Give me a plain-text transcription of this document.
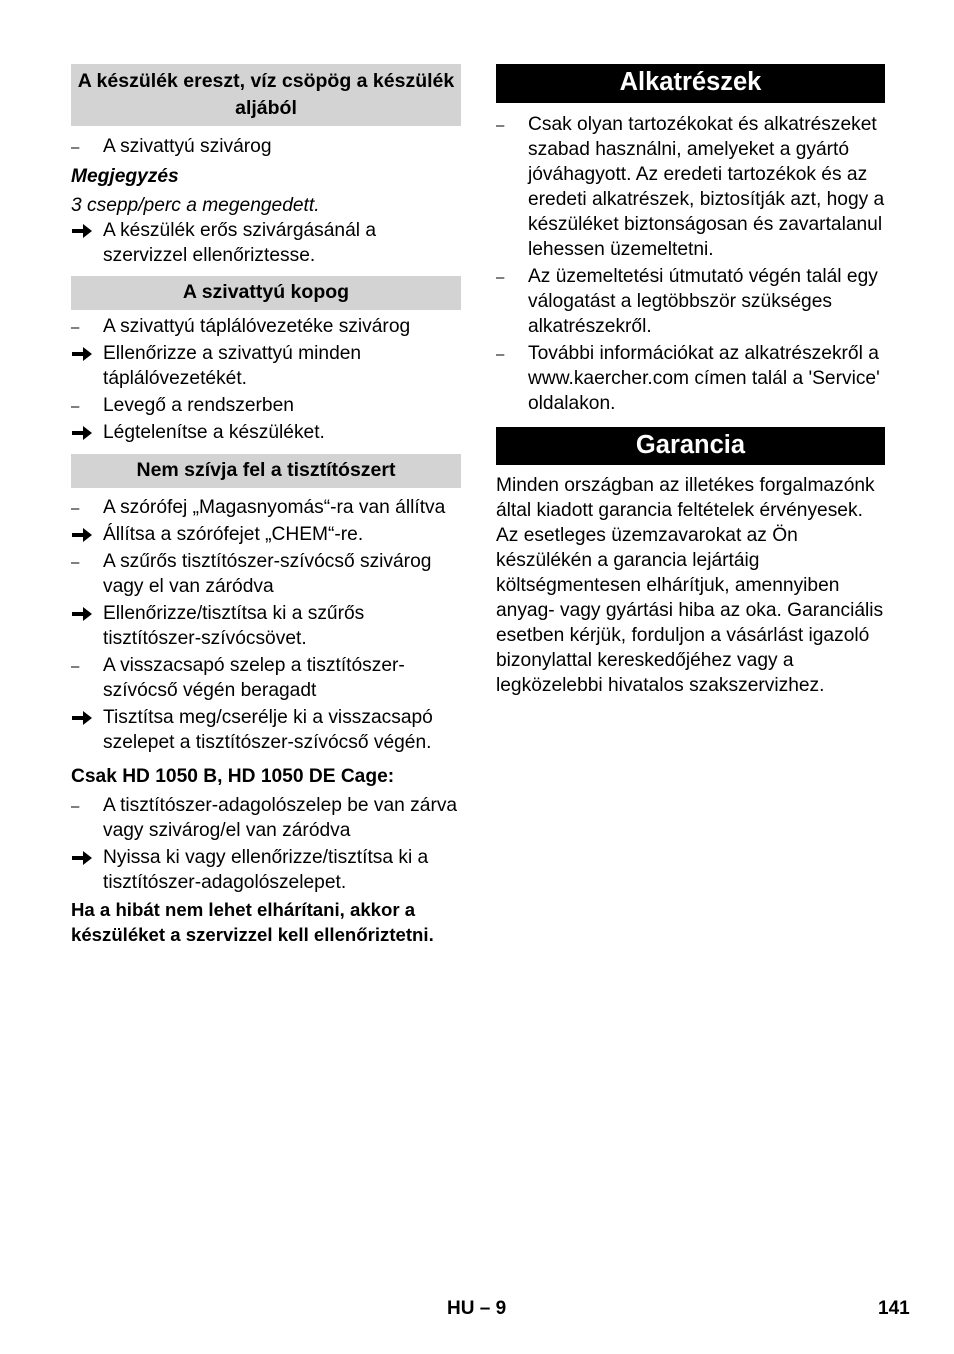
A készülék ereszt, víz csöpög a készülék aljából
–	A szivattyú szivárog
Megjegyzés
3 csepp/perc a megengedett.
A készülék erős szivárgásánál a szervizzel ellenőriztesse.
A szivattyú kopog
–	A szivattyú táplálóvezetéke szivárog
Ellenőrizze a szivattyú minden táplálóvezetékét.
–	Levegő a rendszerben
Légtelenítse a készüléket.
Nem szívja fel a tisztítószert
–	A szórófej „Magasnyomás“-ra van állítva
Állítsa a szórófejet „CHEM“-re.
–	A szűrős tisztítószer-szívócső szivárog vagy el van záródva
Ellenőrizze/tisztítsa ki a szűrős tisztítószer-szívócsövet.
–	A visszacsapó szelep a tisztítószer-szívócső végén beragadt
Tisztítsa meg/cserélje ki a visszacsapó szelepet a tisztítószer-szívócső végén.
Csak HD 1050 B, HD 1050 DE Cage:
–	A tisztítószer-adagolószelep be van zárva vagy szivárog/el van záródva
Nyissa ki vagy ellenőrizze/tisztítsa ki a tisztítószer-adagolószelepet.
Ha a hibát nem lehet elhárítani, akkor a készüléket a szervizzel kell ellenőriztetni.
Alkatrészek
–	Csak olyan tartozékokat és alkatrészeket szabad használni, amelyeket a gyártó jóváhagyott. Az eredeti tartozékok és az eredeti alkatrészek, biztosítják azt, hogy a készüléket biztonságosan és zavartalanul lehessen üzemeltetni.
–	Az üzemeltetési útmutató végén talál egy válogatást a legtöbbször szükséges alkatrészekről.
–	További információkat az alkatrészekről a www.kaercher.com címen talál a 'Service' oldalakon.
Garancia
Minden országban az illetékes forgalmazónk által kiadott garancia feltételek érvényesek. Az esetleges üzemzavarokat az Ön készülékén a garancia lejártáig költségmentesen elhárítjuk, amennyiben anyag- vagy gyártási hiba az oka. Garanciális esetben kérjük, forduljon a vásárlást igazoló bizonylattal kereskedőjéhez vagy a legközelebbi hivatalos szakszervizhez.
HU – 9	141
